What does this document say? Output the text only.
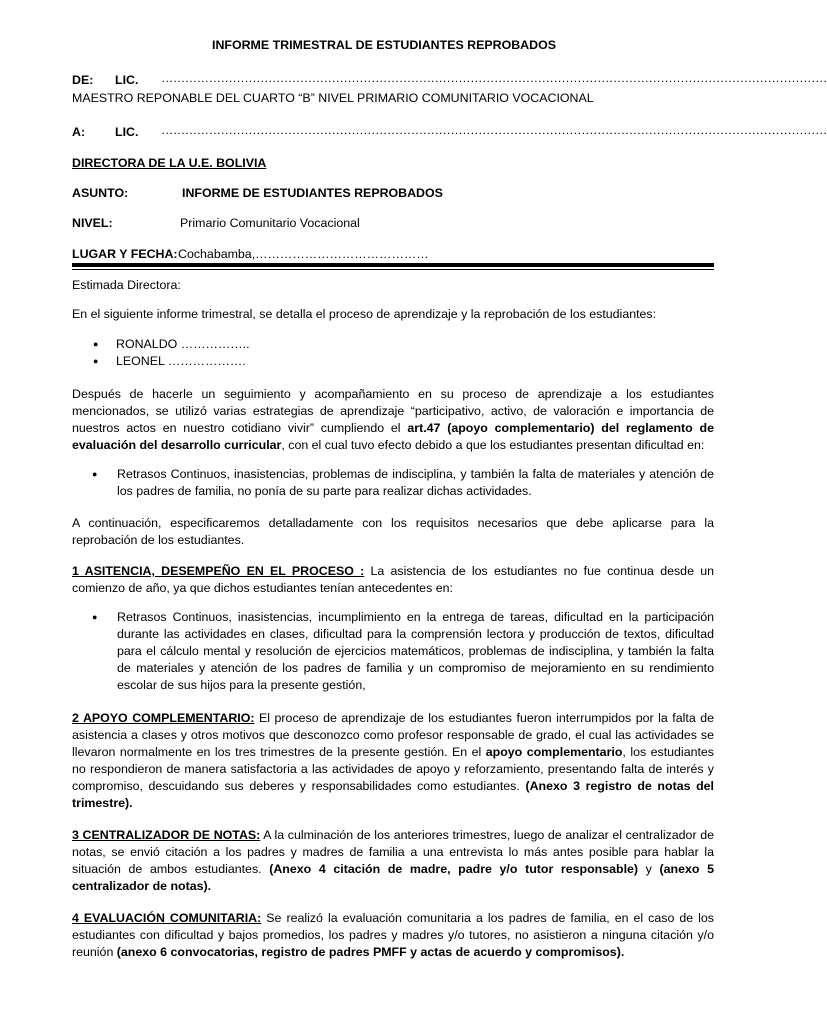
INFORME TRIMESTRAL DE ESTUDIANTES REPROBADOS
DE: LIC. ……………………………………………………………………………………………………………………………………………………
MAESTRO REPONABLE DEL CUARTO “B” NIVEL PRIMARIO COMUNITARIO VOCACIONAL
A: LIC. ……………………………………………………………………………………………………………………………………………………
DIRECTORA DE LA U.E. BOLIVIA
ASUNTO:	INFORME DE ESTUDIANTES REPROBADOS
NIVEL:	Primario Comunitario Vocacional
LUGAR Y FECHA: Cochabamba,……………………………………
Estimada Directora:
En el siguiente informe trimestral, se detalla el proceso de aprendizaje y la reprobación de los estudiantes:
● RONALDO ……………..
● LEONEL ……………….
Después de hacerle un seguimiento y acompañamiento en su proceso de aprendizaje a los estudiantes mencionados, se utilizó varias estrategias de aprendizaje “participativo, activo, de valoración e importancia de nuestros actos en nuestro cotidiano vivir” cumpliendo el art.47 (apoyo complementario) del reglamento de evaluación del desarrollo curricular, con el cual tuvo efecto debido a que los estudiantes presentan dificultad en:
● Retrasos Continuos, inasistencias, problemas de indisciplina, y también la falta de materiales y atención de los padres de familia, no ponía de su parte para realizar dichas actividades.
A continuación, especificaremos detalladamente con los requisitos necesarios que debe aplicarse para la reprobación de los estudiantes.
1 ASITENCIA, DESEMPEÑO EN EL PROCESO : La asistencia de los estudiantes no fue continua desde un comienzo de año, ya que dichos estudiantes tenían antecedentes en:
● Retrasos Continuos, inasistencias, incumplimiento en la entrega de tareas, dificultad en la participación durante las actividades en clases, dificultad para la comprensión lectora y producción de textos, dificultad para el cálculo mental y resolución de ejercicios matemáticos, problemas de indisciplina, y también la falta de materiales y atención de los padres de familia y un compromiso de mejoramiento en su rendimiento escolar de sus hijos para la presente gestión,
2 APOYO COMPLEMENTARIO: El proceso de aprendizaje de los estudiantes fueron interrumpidos por la falta de asistencia a clases y otros motivos que desconozco como profesor responsable de grado, el cual las actividades se llevaron normalmente en los tres trimestres de la presente gestión. En el apoyo complementario, los estudiantes no respondieron de manera satisfactoria a las actividades de apoyo y reforzamiento, presentando falta de interés y compromiso, descuidando sus deberes y responsabilidades como estudiantes. (Anexo 3 registro de notas del trimestre).
3 CENTRALIZADOR DE NOTAS: A la culminación de los anteriores trimestres, luego de analizar el centralizador de notas, se envió citación a los padres y madres de familia a una entrevista lo más antes posible para hablar la situación de ambos estudiantes. (Anexo 4 citación de madre, padre y/o tutor responsable) y (anexo 5 centralizador de notas).
4 EVALUACIÓN COMUNITARIA: Se realizó la evaluación comunitaria a los padres de familia, en el caso de los estudiantes con dificultad y bajos promedios, los padres y madres y/o tutores, no asistieron a ninguna citación y/o reunión (anexo 6 convocatorias, registro de padres PMFF y actas de acuerdo y compromisos).
